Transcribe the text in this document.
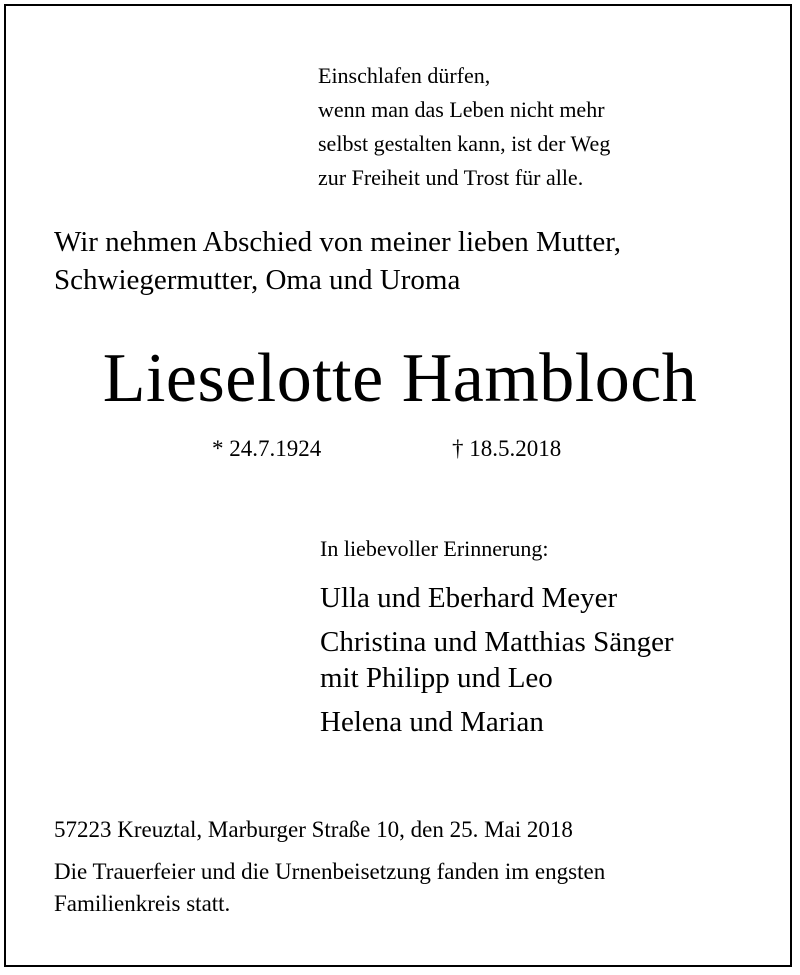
Einschlafen dürfen,
wenn man das Leben nicht mehr
selbst gestalten kann, ist der Weg
zur Freiheit und Trost für alle.
Wir nehmen Abschied von meiner lieben Mutter,
Schwiegermutter, Oma und Uroma
Lieselotte Hambloch
* 24.7.1924	† 18.5.2018
In liebevoller Erinnerung:
Ulla und Eberhard Meyer
Christina und Matthias Sänger
mit Philipp und Leo
Helena und Marian
57223 Kreuztal, Marburger Straße 10, den 25. Mai 2018
Die Trauerfeier und die Urnenbeisetzung fanden im engsten
Familienkreis statt.
